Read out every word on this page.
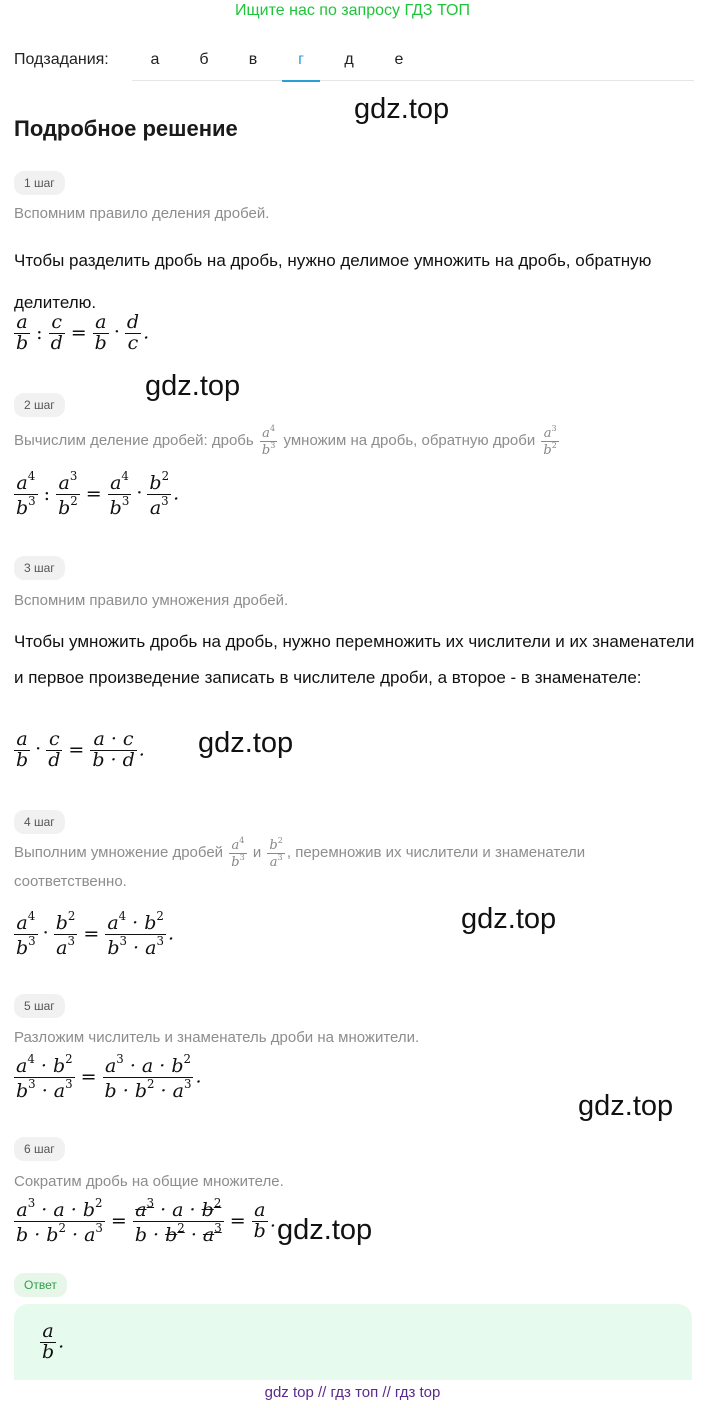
Ищите нас по запросу ГДЗ ТОП
Подзадания:	а	б	в	г	д	е
gdz.top
Подробное решение
1 шаг
Вспомним правило деления дробей.
Чтобы разделить дробь на дробь, нужно делимое умножить на дробь, обратную делителю.
$\frac{a}{b}$ : $\frac{c}{d} = \frac{a}{b} \cdot \frac{d}{c}$ .
gdz.top
2 шаг
Вычислим деление дробей: дробь $\frac{a^4}{b^3}$ умножим на дробь, обратную дроби $\frac{a^3}{b^2}$
$\frac{a^4}{b^3}$ : $\frac{a^3}{b^2} = \frac{a^4}{b^3} \cdot \frac{b^2}{a^3}$ .
3 шаг
Вспомним правило умножения дробей.
Чтобы умножить дробь на дробь, нужно перемножить их числители и их знаменатели и первое произведение записать в числителе дроби, а второе - в знаменателе:
$\frac{a}{b} \cdot \frac{c}{d} = \frac{a \cdot c}{b \cdot d}$ . gdz.top
4 шаг
Выполним умножение дробей $\frac{a^4}{b^3}$ и $\frac{b^2}{a^3}$ , перемножив их числители и знаменатели соответственно.
$\frac{a^4}{b^3} \cdot \frac{b^2}{a^3} = \frac{a^4 \cdot b^2}{b^3 \cdot a^3}$ .	gdz.top
5 шаг
Разложим числитель и знаменатель дроби на множители.
$\frac{a^4 \cdot b^2}{b^3 \cdot a^3} = \frac{a^3 \cdot a \cdot b^2}{b \cdot b^2 \cdot a^3}$ .
gdz.top
6 шаг
Сократим дробь на общие множителе.
$\frac{a^3 \cdot a \cdot b^2}{b \cdot b^2 \cdot a^3} = \frac{a^3 \cdot a \cdot b^2}{b \cdot b^2 \cdot a^3} = \frac{a}{b}$ . gdz.top
Ответ
$\frac{a}{b}$ .
gdz top // гдз топ // гдз top
